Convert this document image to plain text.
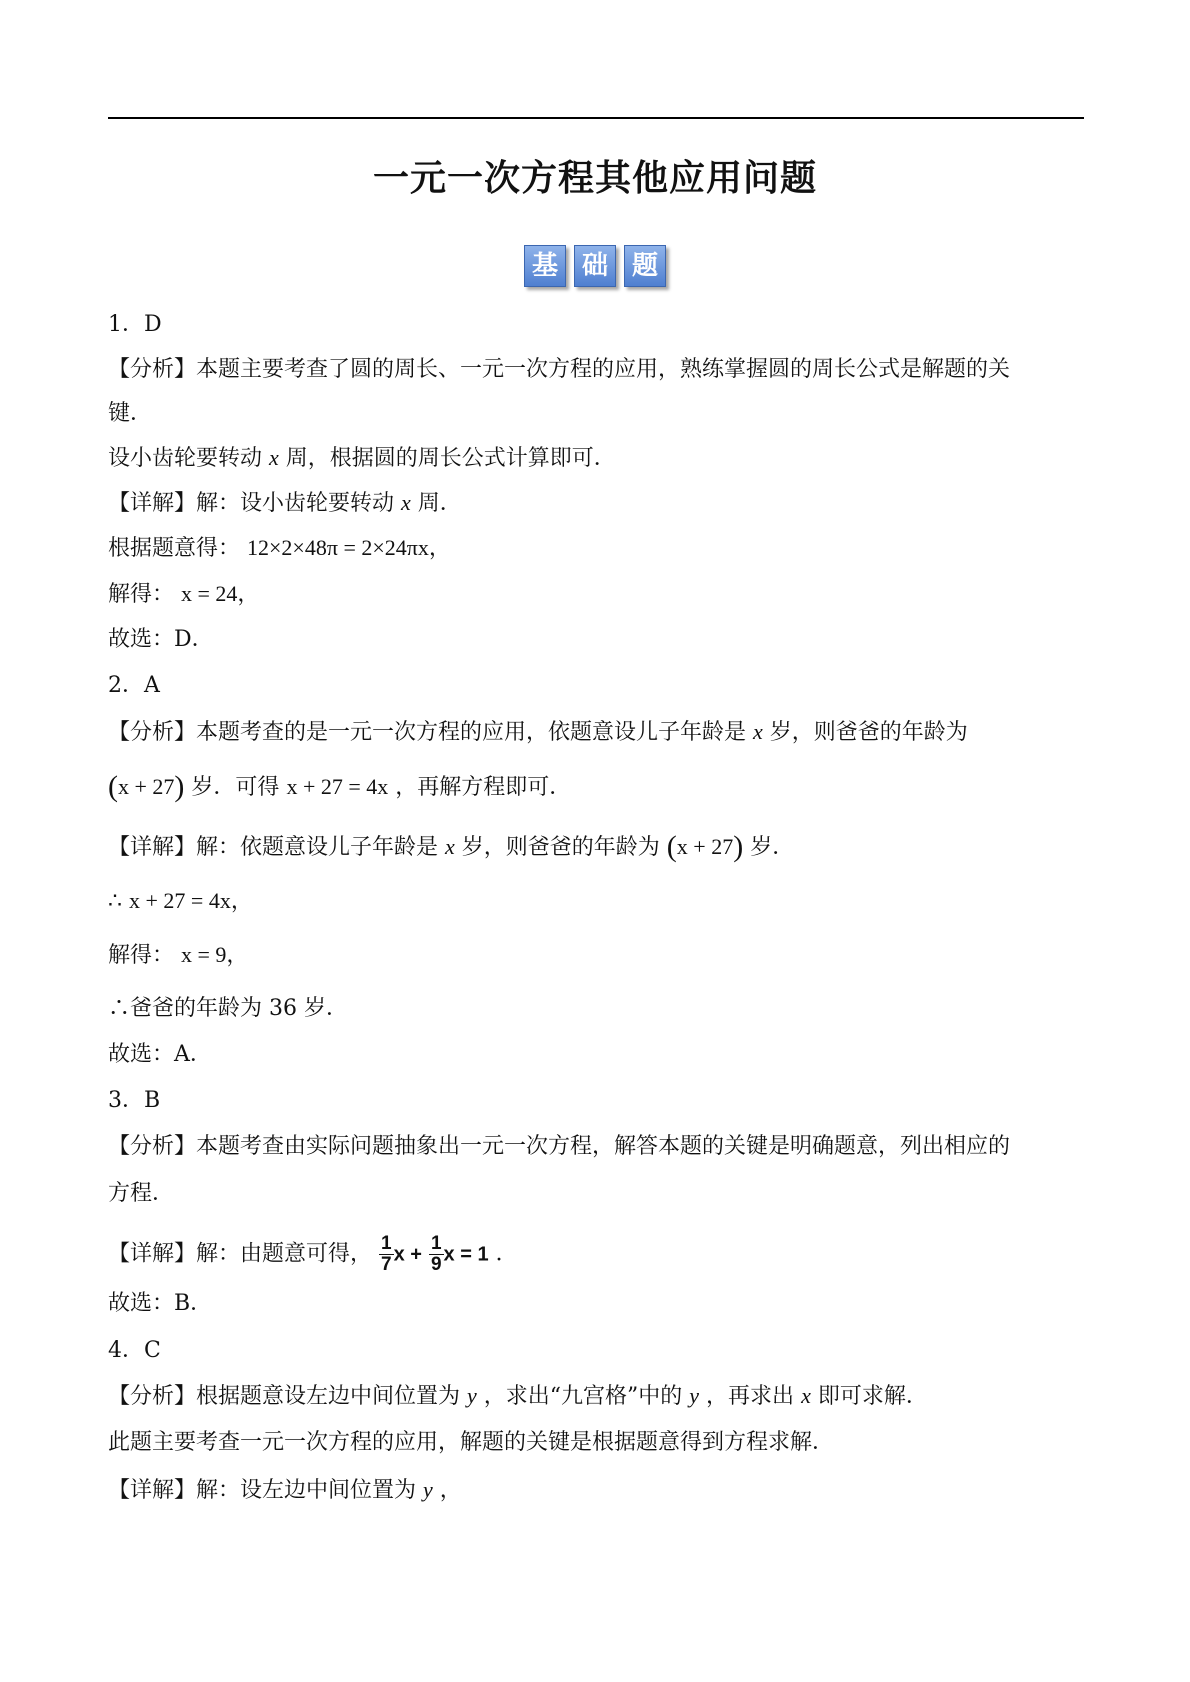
一元一次方程其他应用问题
基 础 题
1．D
【分析】本题主要考查了圆的周长、一元一次方程的应用，熟练掌握圆的周长公式是解题的关
键．
设小齿轮要转动 x 周，根据圆的周长公式计算即可．
【详解】解：设小齿轮要转动 x 周．
根据题意得： 12×2×48π = 2×24πx，
解得： x = 24，
故选：D．
2．A
【分析】本题考查的是一元一次方程的应用，依题意设儿子年龄是 x 岁，则爸爸的年龄为
(x + 27) 岁．可得 x + 27 = 4x ，再解方程即可．
【详解】解：依题意设儿子年龄是 x 岁，则爸爸的年龄为 (x + 27) 岁．
∴ x + 27 = 4x，
解得： x = 9，
∴爸爸的年龄为 36 岁．
故选：A．
3．B
【分析】本题考查由实际问题抽象出一元一次方程，解答本题的关键是明确题意，列出相应的
方程．
【详解】解：由题意可得， $\frac{1}{7}$ $x + \frac{1}{9}$ x = 1 ．
故选：B．
4．C
【分析】根据题意设左边中间位置为 y ，求出“九宫格”中的 y ，再求出 x 即可求解．
此题主要考查一元一次方程的应用，解题的关键是根据题意得到方程求解．
【详解】解：设左边中间位置为 y ，
